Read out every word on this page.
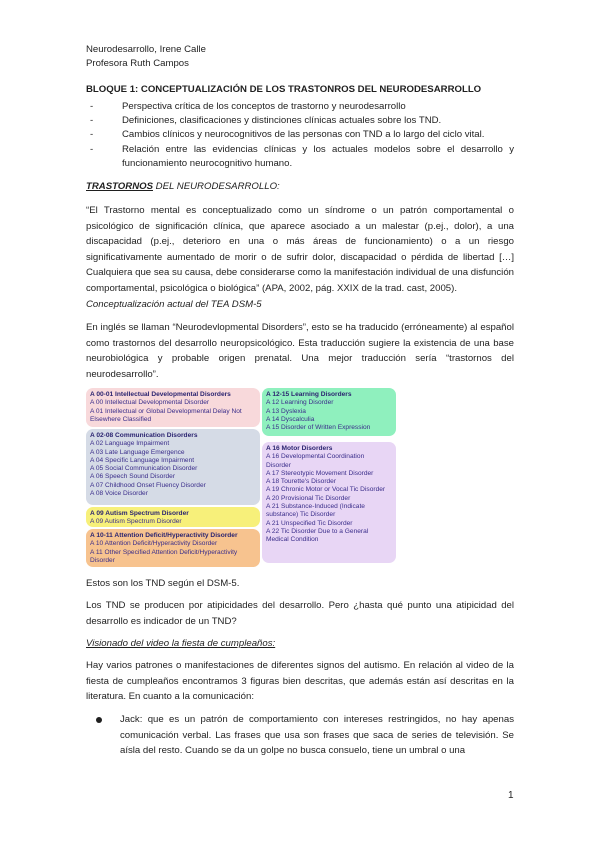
Neurodesarrollo, Irene Calle
Profesora Ruth Campos
BLOQUE 1: CONCEPTUALIZACIÓN DE LOS TRASTONROS DEL NEURODESARROLLO
-	Perspectiva crítica de los conceptos de trastorno y neurodesarrollo
-	Definiciones, clasificaciones y distinciones clínicas actuales sobre los TND.
-	Cambios clínicos y neurocognitivos de las personas con TND a lo largo del ciclo vital.
-	Relación entre las evidencias clínicas y los actuales modelos sobre el desarrollo y funcionamiento neurocognitivo humano.
TRASTORNOS DEL NEURODESARROLLO:
“El Trastorno mental es conceptualizado como un síndrome o un patrón comportamental o psicológico de significación clínica, que aparece asociado a un malestar (p.ej., dolor), a una discapacidad (p.ej., deterioro en una o más áreas de funcionamiento) o a un riesgo significativamente aumentado de morir o de sufrir dolor, discapacidad o pérdida de libertad […] Cualquiera que sea su causa, debe considerarse como la manifestación individual de una disfunción comportamental, psicológica o biológica” (APA, 2002, pág. XXIX de la trad. cast, 2005).
Conceptualización actual del TEA DSM-5
En inglés se llaman “Neurodevlopmental Disorders”, esto se ha traducido (erróneamente) al español como trastornos del desarrollo neuropsicológico. Esta traducción sugiere la existencia de una base neurobiológica y probable origen prenatal. Una mejor traducción sería “trastornos del neurodesarrollo”.
A 00-01 Intellectual Developmental Disorders
A 00 Intellectual Developmental Disorder
A 01 Intellectual or Global Developmental Delay Not
Elsewhere Classified
A 02-08 Communication Disorders
A 02 Language Impairment
A 03 Late Language Emergence
A 04 Specific Language Impairment
A 05 Social Communication Disorder
A 06 Speech Sound Disorder
A 07 Childhood Onset Fluency Disorder
A 08 Voice Disorder
A 09 Autism Spectrum Disorder
A 09 Autism Spectrum Disorder
A 10-11 Attention Deficit/Hyperactivity Disorder
A 10 Attention Deficit/Hyperactivity Disorder
A 11 Other Specified Attention Deficit/Hyperactivity
Disorder
A 12-15 Learning Disorders
A 12 Learning Disorder
A 13 Dyslexia
A 14 Dyscalculia
A 15 Disorder of Written Expression
A 16 Motor Disorders
A 16 Developmental Coordination
Disorder
A 17 Stereotypic Movement Disorder
A 18 Tourette's Disorder
A 19 Chronic Motor or Vocal Tic Disorder
A 20 Provisional Tic Disorder
A 21 Substance-Induced (Indicate
substance) Tic Disorder
A 21 Unspecified Tic Disorder
A 22 Tic Disorder Due to a General
Medical Condition
Estos son los TND según el DSM-5.
Los TND se producen por atipicidades del desarrollo. Pero ¿hasta qué punto una atipicidad del desarrollo es indicador de un TND?
Visionado del video la fiesta de cumpleaños:
Hay varios patrones o manifestaciones de diferentes signos del autismo. En relación al video de la fiesta de cumpleaños encontramos 3 figuras bien descritas, que además están así descritas en la literatura. En cuanto a la comunicación:
Jack: que es un patrón de comportamiento con intereses restringidos, no hay apenas comunicación verbal. Las frases que usa son frases que saca de series de televisión. Se aísla del resto. Cuando se da un golpe no busca consuelo, tiene un umbral o una
1
